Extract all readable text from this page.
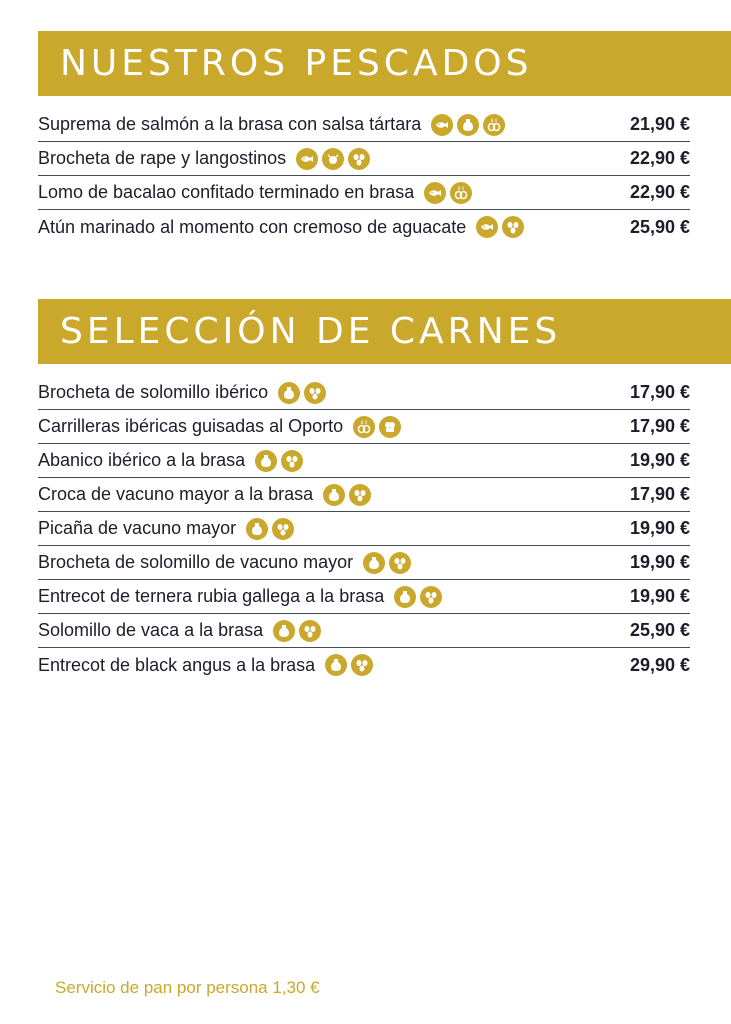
NUESTROS PESCADOS
Suprema de salmón a la brasa con salsa tártara	8 X	21,90 €
Brocheta de rape y langostinos	22,90 €
Lomo de bacalao confitado terminado en brasa	8 X	22,90 €
Atún marinado al momento con cremoso de aguacate	25,90 €
SELECCIÓN DE CARNES
Brocheta de solomillo ibérico	17,90 €
Carrilleras ibéricas guisadas al Oporto	8 X	17,90 €
Abanico ibérico a la brasa	19,90 €
Croca de vacuno mayor a la brasa	17,90 €
Picaña de vacuno mayor	19,90 €
Brocheta de solomillo de vacuno mayor	19,90 €
Entrecot de ternera rubia gallega a la brasa	19,90 €
Solomillo de vaca a la brasa	25,90 €
Entrecot de black angus a la brasa	29,90 €
Servicio de pan por persona 1,30 €
